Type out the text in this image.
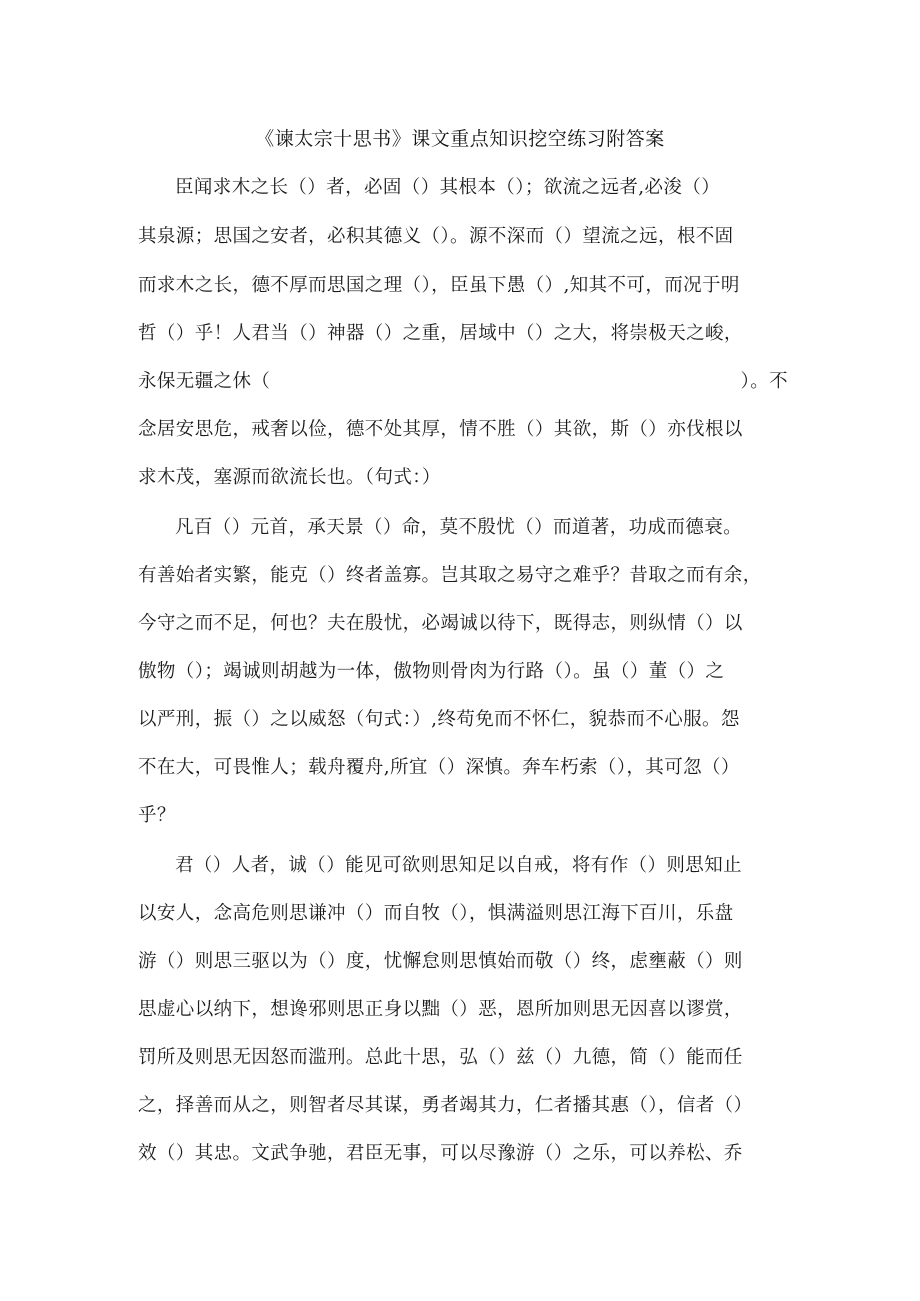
《谏太宗十思书》课文重点知识挖空练习附答案
臣闻求木之长（）者，必固（）其根本（）；欲流之远者,必浚（）
其泉源；思国之安者，必积其德义（）。源不深而（）望流之远，根不固
而求木之长，德不厚而思国之理（），臣虽下愚（）,知其不可，而况于明
哲（）乎！人君当（）神器（）之重，居域中（）之大，将崇极天之峻，
永保无疆之休（	）。不
念居安思危，戒奢以俭，德不处其厚，情不胜（）其欲，斯（）亦伐根以
求木茂，塞源而欲流长也。（句式：）
凡百（）元首，承天景（）命，莫不殷忧（）而道著，功成而德衰。
有善始者实繁，能克（）终者盖寡。岂其取之易守之难乎？昔取之而有余，
今守之而不足，何也？夫在殷忧，必竭诚以待下，既得志，则纵情（）以
傲物（）；竭诚则胡越为一体，傲物则骨肉为行路（）。虽（）董（）之
以严刑，振（）之以威怒（句式：）,终苟免而不怀仁，貌恭而不心服。怨
不在大，可畏惟人；载舟覆舟,所宜（）深慎。奔车朽索（），其可忽（）
乎？
君（）人者，诚（）能见可欲则思知足以自戒，将有作（）则思知止
以安人，念高危则思谦冲（）而自牧（），惧满溢则思江海下百川，乐盘
游（）则思三驱以为（）度，忧懈怠则思慎始而敬（）终，虑壅蔽（）则
思虚心以纳下，想谗邪则思正身以黜（）恶，恩所加则思无因喜以谬赏，
罚所及则思无因怒而滥刑。总此十思，弘（）兹（）九德，简（）能而任
之，择善而从之，则智者尽其谋，勇者竭其力，仁者播其惠（），信者（）
效（）其忠。文武争驰，君臣无事，可以尽豫游（）之乐，可以养松、乔
